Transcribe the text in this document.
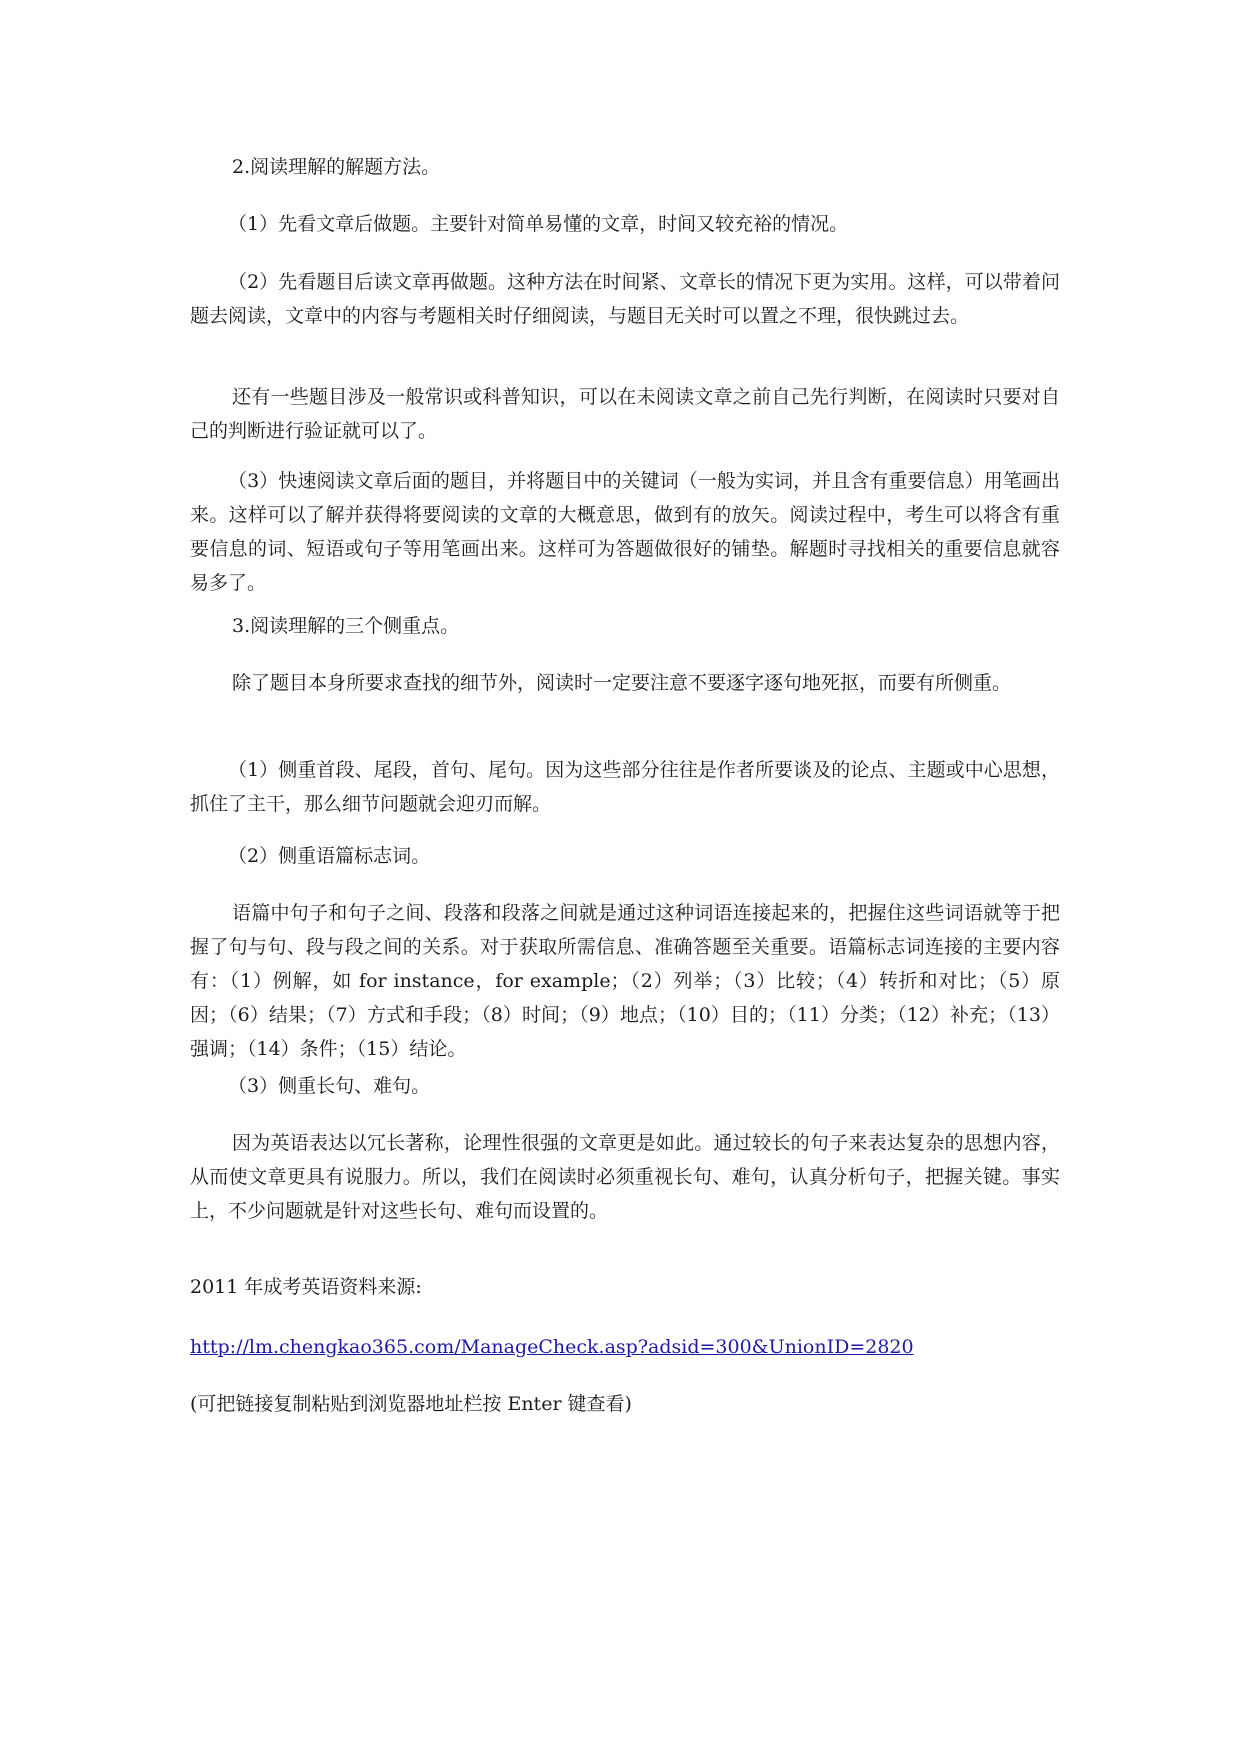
2.阅读理解的解题方法。

（1）先看文章后做题。主要针对简单易懂的文章，时间又较充裕的情况。

（2）先看题目后读文章再做题。这种方法在时间紧、文章长的情况下更为实用。这样，可以带着问题去阅读，文章中的内容与考题相关时仔细阅读，与题目无关时可以置之不理，很快跳过去。

还有一些题目涉及一般常识或科普知识，可以在未阅读文章之前自己先行判断，在阅读时只要对自己的判断进行验证就可以了。

（3）快速阅读文章后面的题目，并将题目中的关键词（一般为实词，并且含有重要信息）用笔画出来。这样可以了解并获得将要阅读的文章的大概意思，做到有的放矢。阅读过程中，考生可以将含有重要信息的词、短语或句子等用笔画出来。这样可为答题做很好的铺垫。解题时寻找相关的重要信息就容易多了。

3.阅读理解的三个侧重点。

除了题目本身所要求查找的细节外，阅读时一定要注意不要逐字逐句地死抠，而要有所侧重。

（1）侧重首段、尾段，首句、尾句。因为这些部分往往是作者所要谈及的论点、主题或中心思想，抓住了主干，那么细节问题就会迎刃而解。

（2）侧重语篇标志词。

语篇中句子和句子之间、段落和段落之间就是通过这种词语连接起来的，把握住这些词语就等于把握了句与句、段与段之间的关系。对于获取所需信息、准确答题至关重要。语篇标志词连接的主要内容有：（1）例解，如 for instance，for example；（2）列举；（3）比较；（4）转折和对比；（5）原因；（6）结果；（7）方式和手段；（8）时间；（9）地点；（10）目的；（11）分类；（12）补充；（13）强调；（14）条件；（15）结论。

（3）侧重长句、难句。

因为英语表达以冗长著称，论理性很强的文章更是如此。通过较长的句子来表达复杂的思想内容，从而使文章更具有说服力。所以，我们在阅读时必须重视长句、难句，认真分析句子，把握关键。事实上，不少问题就是针对这些长句、难句而设置的。

2011 年成考英语资料来源:

http://lm.chengkao365.com/ManageCheck.asp?adsid=300&UnionID=2820

(可把链接复制粘贴到浏览器地址栏按 Enter 键查看)
